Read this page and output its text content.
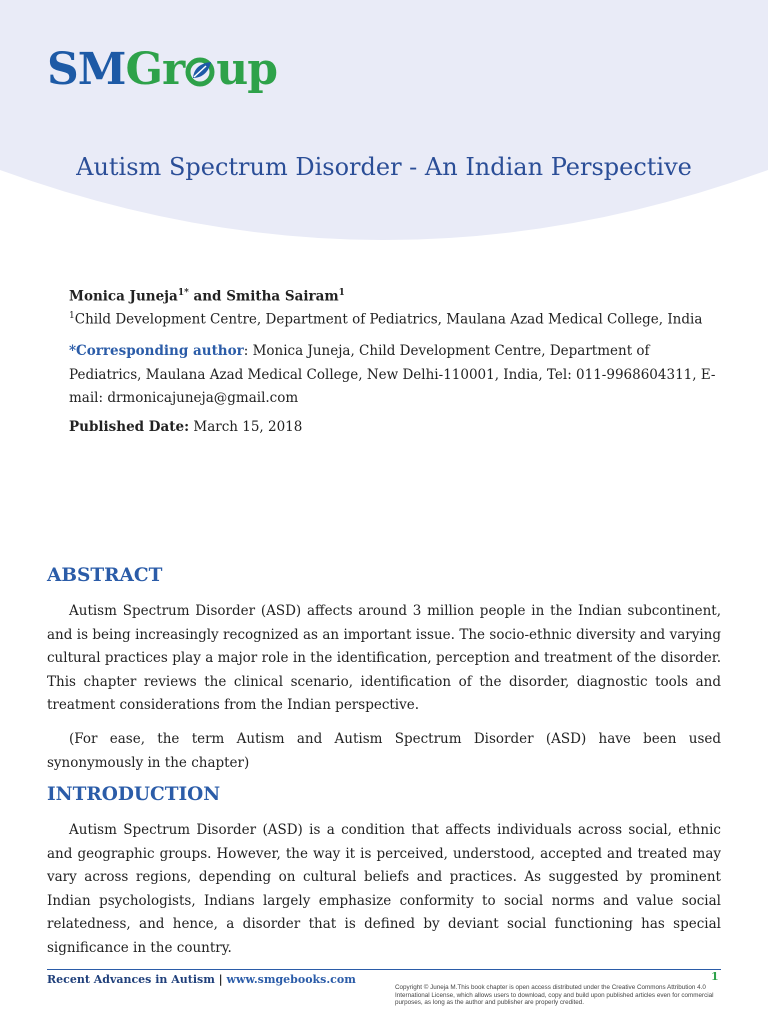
SMGr up
Autism Spectrum Disorder - An Indian Perspective
Monica Juneja$^{1*}$ and Smitha Sairam$^1$
$^1$Child Development Centre, Department of Pediatrics, Maulana Azad Medical College, India
*Corresponding author: Monica Juneja, Child Development Centre, Department of Pediatrics, Maulana Azad Medical College, New Delhi-110001, India, Tel: 011-9968604311, E-mail: drmonicajuneja@gmail.com
Published Date: March 15, 2018
ABSTRACT
Autism Spectrum Disorder (ASD) affects around 3 million people in the Indian subcontinent, and is being increasingly recognized as an important issue. The socio-ethnic diversity and varying cultural practices play a major role in the identification, perception and treatment of the disorder. This chapter reviews the clinical scenario, identification of the disorder, diagnostic tools and treatment considerations from the Indian perspective.
(For ease, the term Autism and Autism Spectrum Disorder (ASD) have been used synonymously in the chapter)
INTRODUCTION
Autism Spectrum Disorder (ASD) is a condition that affects individuals across social, ethnic and geographic groups. However, the way it is perceived, understood, accepted and treated may vary across regions, depending on cultural beliefs and practices. As suggested by prominent Indian psychologists, Indians largely emphasize conformity to social norms and value social relatedness, and hence, a disorder that is defined by deviant social functioning has special significance in the country.
Recent Advances in Autism | www.smgebooks.com	1
Copyright © Juneja M.This book chapter is open access distributed under the Creative Commons Attribution 4.0 International License, which allows users to download, copy and build upon published articles even for commercial purposes, as long as the author and publisher are properly credited.
